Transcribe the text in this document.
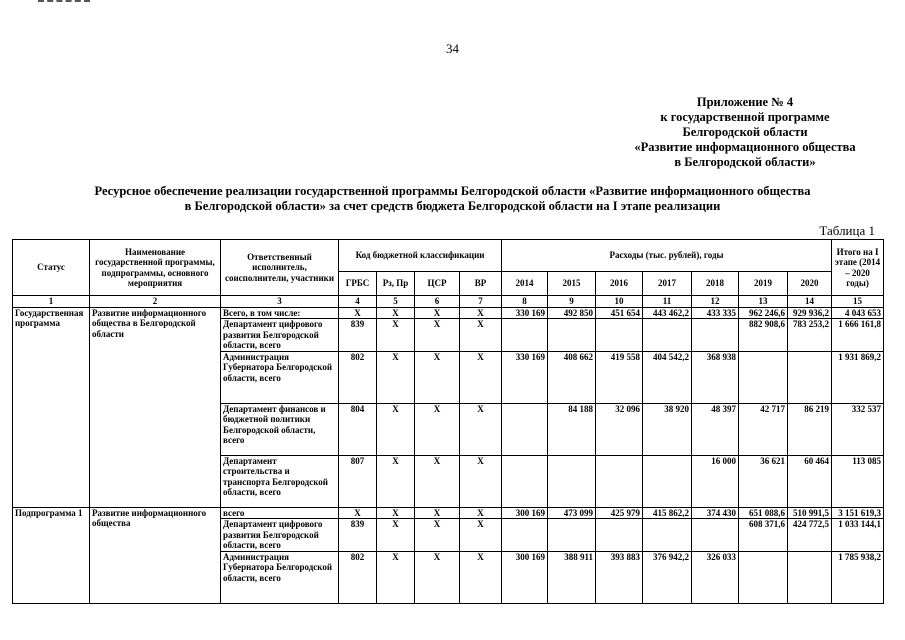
34
Приложение № 4
к государственной программе
Белгородской области
«Развитие информационного общества
в Белгородской области»
Ресурсное обеспечение реализации государственной программы Белгородской области «Развитие информационного общества
в Белгородской области» за счет средств бюджета Белгородской области на I этапе реализации
Таблица 1
Статус	Наименование государственной программы, подпрограммы, основного мероприятия	Ответственный исполнитель, соисполнители, участники	Код бюджетной классификации				Расходы (тыс. рублей), годы							Итого на I этапе (2014 – 2020 годы)
			ГРБС	Рз, Пр	ЦСР	ВР	2014	2015	2016	2017	2018	2019	2020	
1	2	3	4	5	6	7	8	9	10	11	12	13	14	15
Государственная программа	Развитие информационного общества в Белгородской области	Всего, в том числе:	X	X	X	X	330 169	492 850	451 654	443 462,2	433 335	962 246,6	929 936,2	4 043 653
		Департамент цифрового развития Белгородской области, всего	839	X	X	X						882 908,6	783 253,2	1 666 161,8
		Администрация Губернатора Белгородской области, всего	802	X	X	X	330 169	408 662	419 558	404 542,2	368 938			1 931 869,2
		Департамент финансов и бюджетной политики Белгородской области, всего	804	X	X	X		84 188	32 096	38 920	48 397	42 717	86 219	332 537
		Департамент строительства и транспорта Белгородской области, всего	807	X	X	X					16 000	36 621	60 464	113 085
Подпрограмма 1	Развитие информационного общества	всего	X	X	X	X	300 169	473 099	425 979	415 862,2	374 430	651 088,6	510 991,5	3 151 619,3
		Департамент цифрового развития Белгородской области, всего	839	X	X	X						608 371,6	424 772,5	1 033 144,1
		Администрация Губернатора Белгородской области, всего	802	X	X	X	300 169	388 911	393 883	376 942,2	326 033			1 785 938,2
